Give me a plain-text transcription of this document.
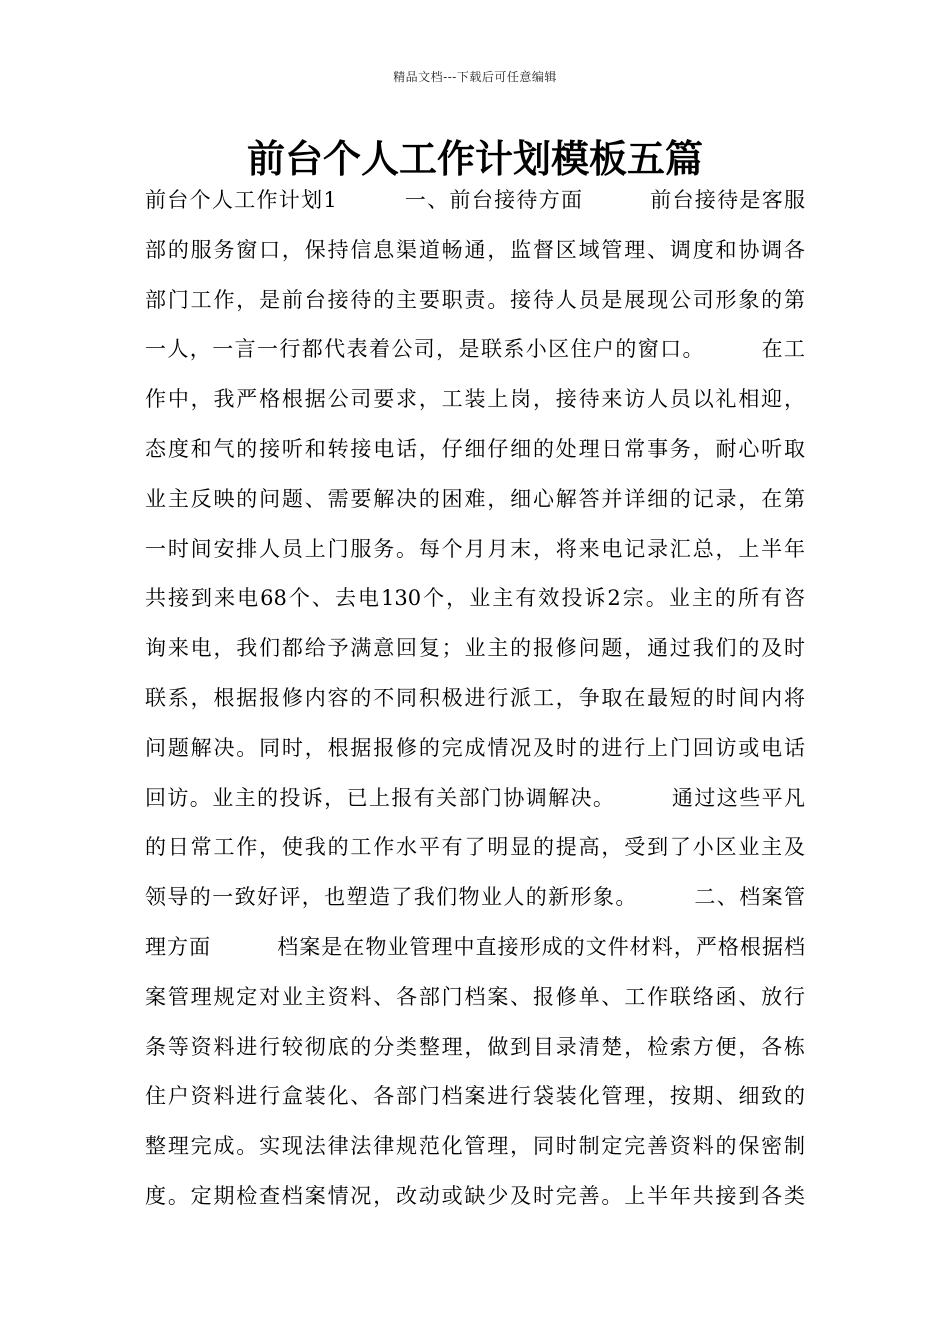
精品文档---下载后可任意编辑
前台个人工作计划模板五篇
前台个人工作计划1　　　一、前台接待方面　　　前台接待是客服
部的服务窗口，保持信息渠道畅通，监督区域管理、调度和协调各
部门工作，是前台接待的主要职责。接待人员是展现公司形象的第
一人，一言一行都代表着公司，是联系小区住户的窗口。　　　在工
作中，我严格根据公司要求，工装上岗，接待来访人员以礼相迎，
态度和气的接听和转接电话，仔细仔细的处理日常事务，耐心听取
业主反映的问题、需要解决的困难，细心解答并详细的记录，在第
一时间安排人员上门服务。每个月月末，将来电记录汇总，上半年
共接到来电68个、去电130个，业主有效投诉2宗。业主的所有咨
询来电，我们都给予满意回复；业主的报修问题，通过我们的及时
联系，根据报修内容的不同积极进行派工，争取在最短的时间内将
问题解决。同时，根据报修的完成情况及时的进行上门回访或电话
回访。业主的投诉，已上报有关部门协调解决。　　　通过这些平凡
的日常工作，使我的工作水平有了明显的提高，受到了小区业主及
领导的一致好评，也塑造了我们物业人的新形象。　　　二、档案管
理方面　　　档案是在物业管理中直接形成的文件材料，严格根据档
案管理规定对业主资料、各部门档案、报修单、工作联络函、放行
条等资料进行较彻底的分类整理，做到目录清楚，检索方便，各栋
住户资料进行盒装化、各部门档案进行袋装化管理，按期、细致的
整理完成。实现法律法律规范化管理，同时制定完善资料的保密制
度。定期检查档案情况，改动或缺少及时完善。上半年共接到各类
